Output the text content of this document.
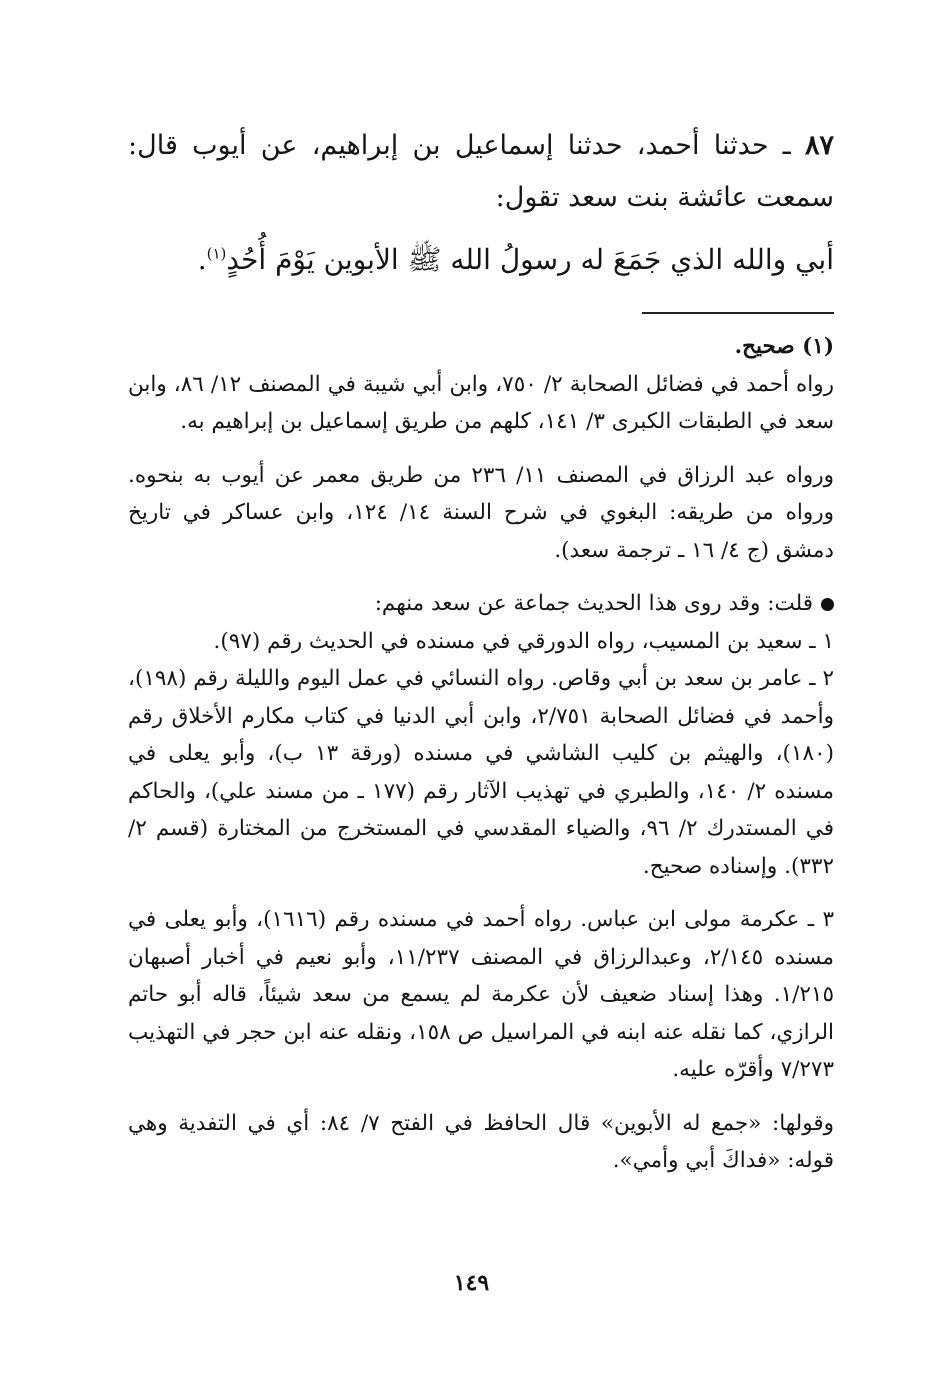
٨٧ ـ حدثنا أحمد، حدثنا إسماعيل بن إبراهيم، عن أيوب قال: سمعت عائشة بنت سعد تقول:

أبي والله الذي جَمَعَ له رسولُ الله ﷺ الأبوين يَوْمَ أُحُدٍ$^{(١)}$.

(١) صحيح.

رواه أحمد في فضائل الصحابة ٢/ ٧٥٠، وابن أبي شيبة في المصنف ١٢/ ٨٦، وابن سعد في الطبقات الكبرى ٣/ ١٤١، كلهم من طريق إسماعيل بن إبراهيم به.

ورواه عبد الرزاق في المصنف ١١/ ٢٣٦ من طريق معمر عن أيوب به بنحوه. ورواه من طريقه: البغوي في شرح السنة ١٤/ ١٢٤، وابن عساكر في تاريخ دمشق (ج ٤/ ١٦ ـ ترجمة سعد).

قلت: وقد روى هذا الحديث جماعة عن سعد منهم:

١ ـ سعيد بن المسيب، رواه الدورقي في مسنده في الحديث رقم (٩٧).

٢ ـ عامر بن سعد بن أبي وقاص. رواه النسائي في عمل اليوم والليلة رقم (١٩٨)، وأحمد في فضائل الصحابة ٢/٧٥١، وابن أبي الدنيا في كتاب مكارم الأخلاق رقم (١٨٠)، والهيثم بن كليب الشاشي في مسنده (ورقة ١٣ ب)، وأبو يعلى في مسنده ٢/ ١٤٠، والطبري في تهذيب الآثار رقم (١٧٧ ـ من مسند علي)، والحاكم في المستدرك ٢/ ٩٦، والضياء المقدسي في المستخرج من المختارة (قسم ٢/ ٣٣٢). وإسناده صحيح.

٣ ـ عكرمة مولى ابن عباس. رواه أحمد في مسنده رقم (١٦١٦)، وأبو يعلى في مسنده ٢/١٤٥، وعبدالرزاق في المصنف ١١/٢٣٧، وأبو نعيم في أخبار أصبهان ١/٢١٥. وهذا إسناد ضعيف لأن عكرمة لم يسمع من سعد شيئاً، قاله أبو حاتم الرازي، كما نقله عنه ابنه في المراسيل ص ١٥٨، ونقله عنه ابن حجر في التهذيب ٧/٢٧٣ وأقرّه عليه.

وقولها: «جمع له الأبوين» قال الحافظ في الفتح ٧/ ٨٤: أي في التفدية وهي قوله: «فداكَ أبي وأمي».

١٤٩
